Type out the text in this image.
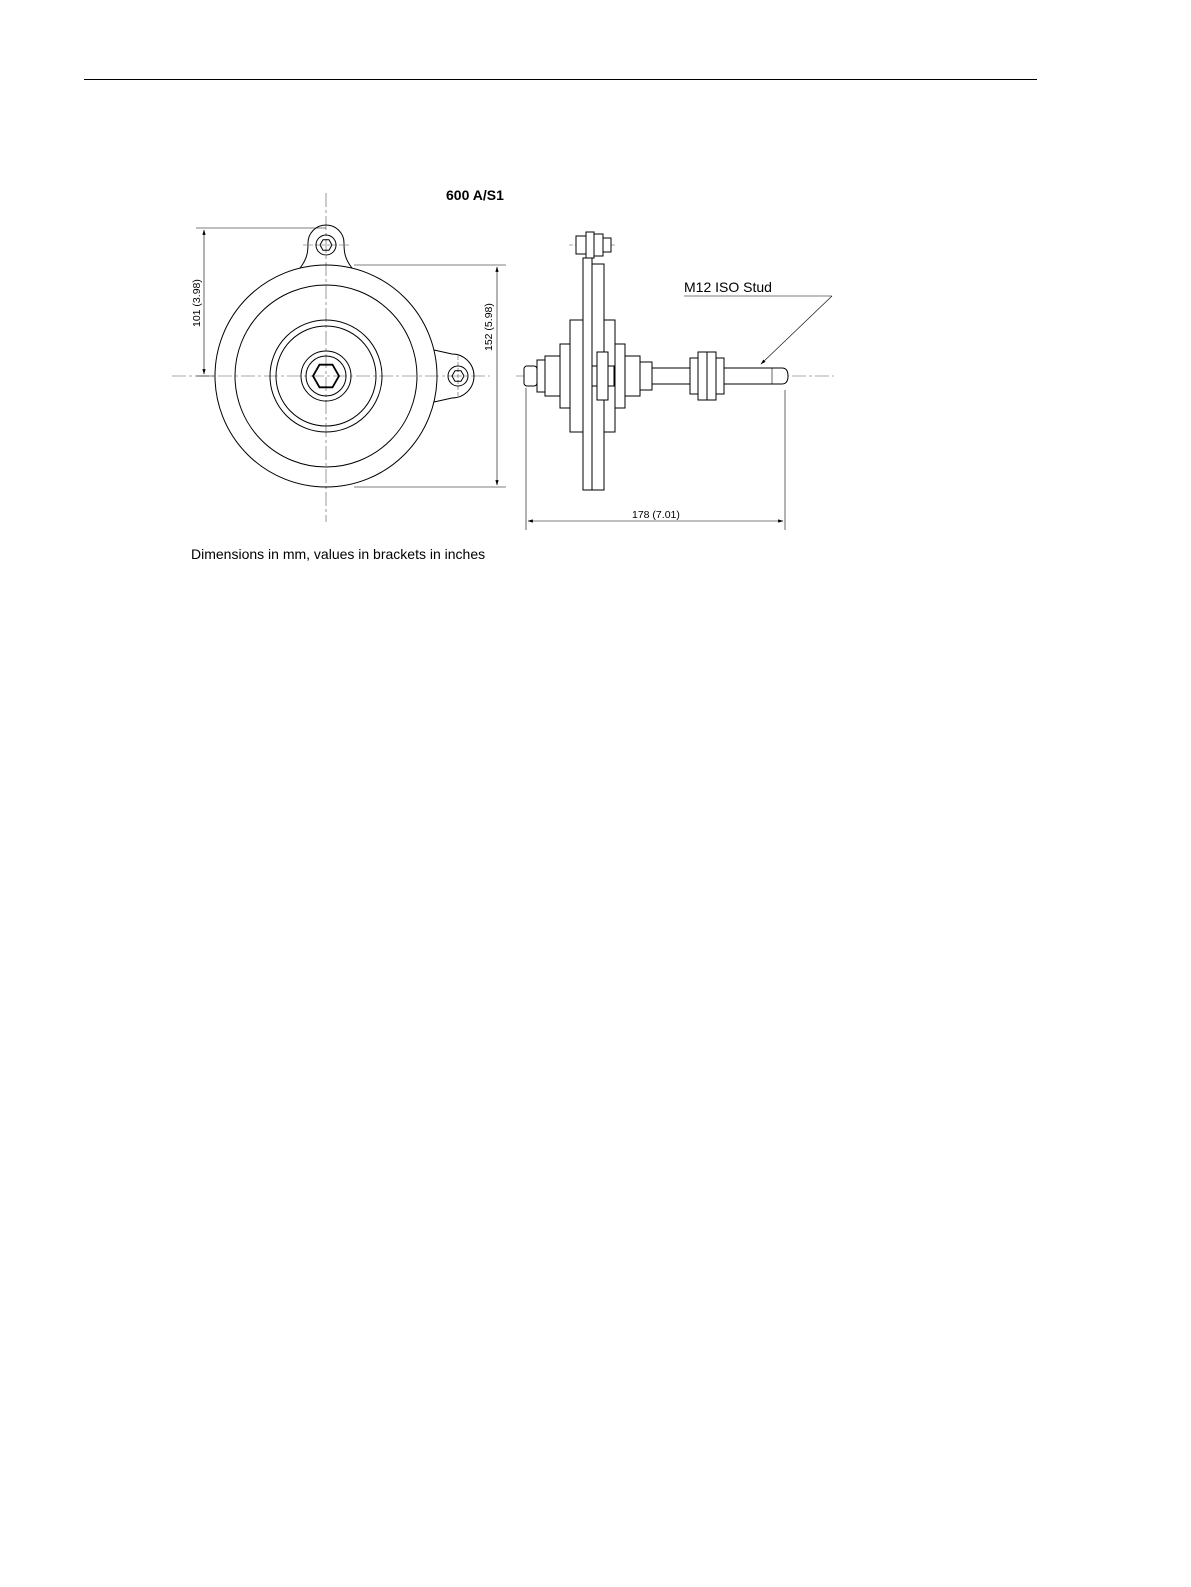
600 A/S1
101 (3.98)
152 (5.98)
178 (7.01)
M12 ISO Stud
Dimensions in mm, values in brackets in inches
